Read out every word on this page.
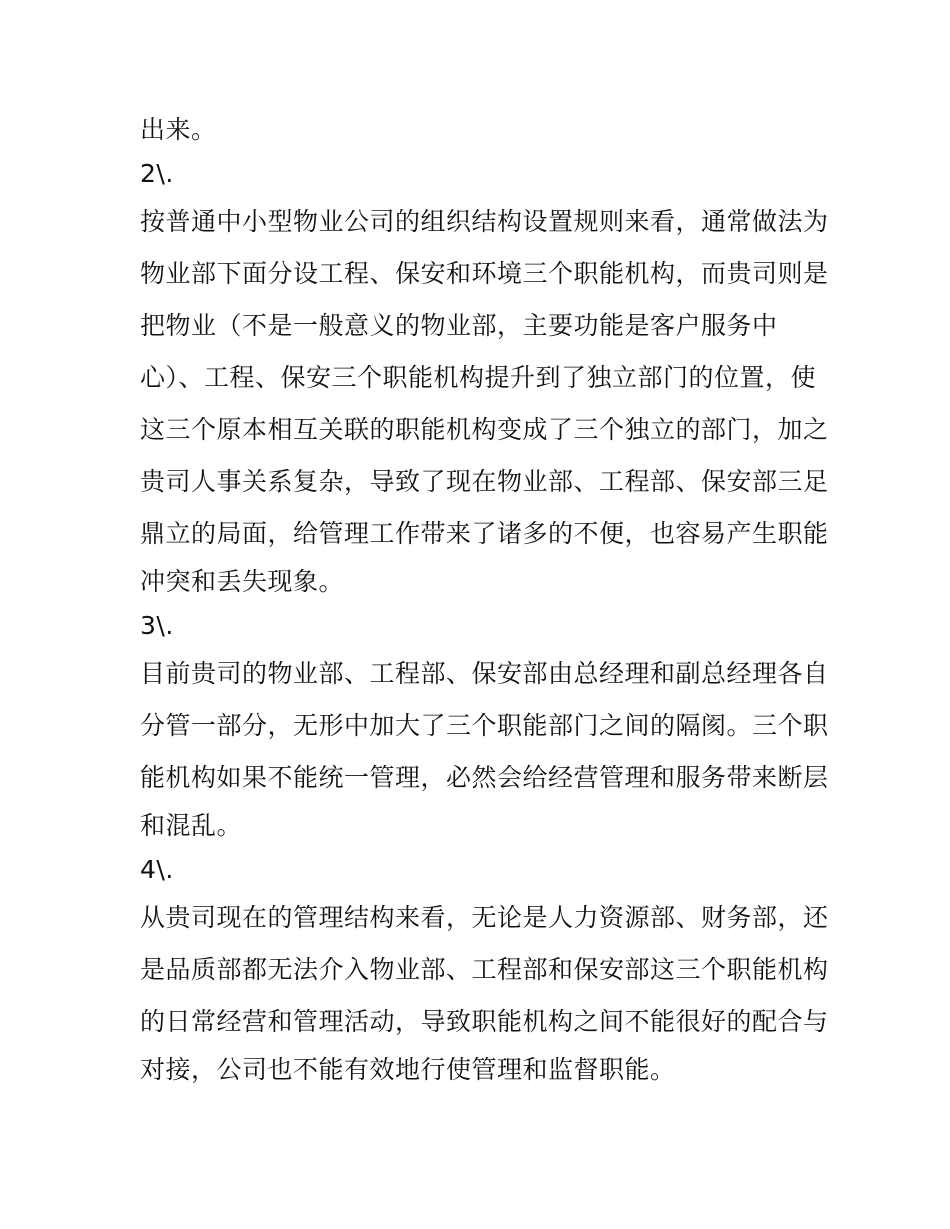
出来。
2\.
按普通中小型物业公司的组织结构设置规则来看，通常做法为
物业部下面分设工程、保安和环境三个职能机构，而贵司则是
把物业（不是一般意义的物业部，主要功能是客户服务中
心）、工程、保安三个职能机构提升到了独立部门的位置，使
这三个原本相互关联的职能机构变成了三个独立的部门，加之
贵司人事关系复杂，导致了现在物业部、工程部、保安部三足
鼎立的局面，给管理工作带来了诸多的不便，也容易产生职能
冲突和丢失现象。
3\.
目前贵司的物业部、工程部、保安部由总经理和副总经理各自
分管一部分，无形中加大了三个职能部门之间的隔阂。三个职
能机构如果不能统一管理，必然会给经营管理和服务带来断层
和混乱。
4\.
从贵司现在的管理结构来看，无论是人力资源部、财务部，还
是品质部都无法介入物业部、工程部和保安部这三个职能机构
的日常经营和管理活动，导致职能机构之间不能很好的配合与
对接，公司也不能有效地行使管理和监督职能。
